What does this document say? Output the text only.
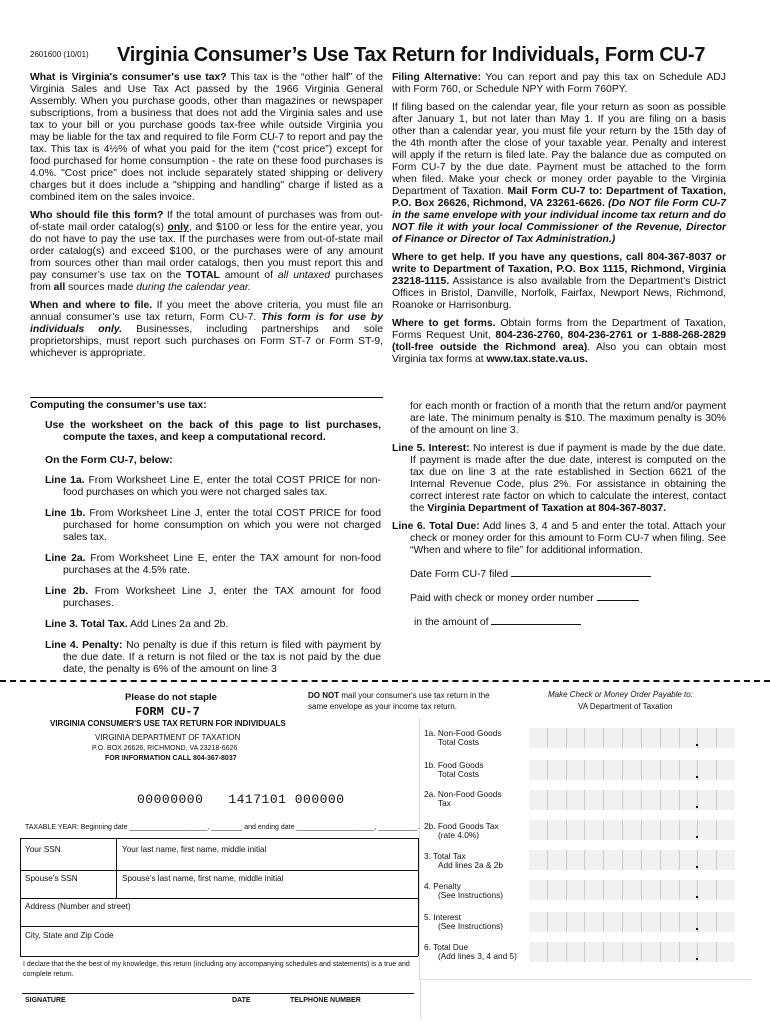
2601600 (10/01) Virginia Consumer’s Use Tax Return for Individuals, Form CU-7

What is Virginia's consumer's use tax? This tax is the “other half” of the Virginia Sales and Use Tax Act passed by the 1966 Virginia General Assembly. When you purchase goods, other than magazines or newspaper subscriptions, from a business that does not add the Virginia sales and use tax to your bill or you purchase goods tax-free while outside Virginia you may be liable for the tax and required to file Form CU-7 to report and pay the tax. This tax is 4½% of what you paid for the item (“cost price”) except for food purchased for home consumption - the rate on these food purchases is 4.0%. "Cost price" does not include separately stated shipping or delivery charges but it does include a "shipping and handling" charge if listed as a combined item on the sales invoice.

Who should file this form? If the total amount of purchases was from out-of-state mail order catalog(s) only, and $100 or less for the entire year, you do not have to pay the use tax. If the purchases were from out-of-state mail order catalog(s) and exceed $100, or the purchases were of any amount from sources other than mail order catalogs, then you must report this and pay consumer’s use tax on the TOTAL amount of all untaxed purchases from all sources made during the calendar year.

When and where to file. If you meet the above criteria, you must file an annual consumer’s use tax return, Form CU-7. This form is for use by individuals only. Businesses, including partnerships and sole proprietorships, must report such purchases on Form ST-7 or Form ST-9, whichever is appropriate.

Computing the consumer’s use tax:

Use the worksheet on the back of this page to list purchases, compute the taxes, and keep a computational record.

On the Form CU-7, below:

Line 1a. From Worksheet Line E, enter the total COST PRICE for non-food purchases on which you were not charged sales tax.

Line 1b. From Worksheet Line J, enter the total COST PRICE for food purchased for home consumption on which you were not charged sales tax.

Line 2a. From Worksheet Line E, enter the TAX amount for non-food purchases at the 4.5% rate.

Line 2b. From Worksheet Line J, enter the TAX amount for food purchases.

Line 3. Total Tax. Add Lines 2a and 2b.

Line 4. Penalty: No penalty is due if this return is filed with payment by the due date. If a return is not filed or the tax is not paid by the due date, the penalty is 6% of the amount on line 3

Filing Alternative: You can report and pay this tax on Schedule ADJ with Form 760, or Schedule NPY with Form 760PY.

If filing based on the calendar year, file your return as soon as possible after January 1, but not later than May 1. If you are filing on a basis other than a calendar year, you must file your return by the 15th day of the 4th month after the close of your taxable year. Penalty and interest will apply if the return is filed late. Pay the balance due as computed on Form CU-7 by the due date. Payment must be attached to the form when filed. Make your check or money order payable to the Virginia Department of Taxation. Mail Form CU-7 to: Department of Taxation, P.O. Box 26626, Richmond, VA 23261-6626. (Do NOT file Form CU-7 in the same envelope with your individual income tax return and do NOT file it with your local Commissioner of the Revenue, Director of Finance or Director of Tax Administration.)

Where to get help. If you have any questions, call 804-367-8037 or write to Department of Taxation, P.O. Box 1115, Richmond, Virginia 23218-1115. Assistance is also available from the Department's District Offices in Bristol, Danville, Norfolk, Fairfax, Newport News, Richmond, Roanoke or Harrisonburg.

Where to get forms. Obtain forms from the Department of Taxation, Forms Request Unit, 804-236-2760, 804-236-2761 or 1-888-268-2829 (toll-free outside the Richmond area). Also you can obtain most Virginia tax forms at www.tax.state.va.us.

for each month or fraction of a month that the return and/or payment are late. The minimum penalty is $10. The maximum penalty is 30% of the amount on line 3.

Line 5. Interest: No interest is due if payment is made by the due date. If payment is made after the due date, interest is computed on the tax due on line 3 at the rate established in Section 6621 of the Internal Revenue Code, plus 2%. For assistance in obtaining the correct interest rate factor on which to calculate the interest, contact the Virginia Department of Taxation at 804-367-8037.

Line 6. Total Due: Add lines 3, 4 and 5 and enter the total. Attach your check or money order for this amount to Form CU-7 when filing. See “When and where to file” for additional information.

Date Form CU-7 filed

Paid with check or money order number

in the amount of

Please do not staple
FORM CU-7
DO NOT mail your consumer's use tax return in the same envelope as your income tax return.
Make Check or Money Order Payable to:
VA Department of Taxation
VIRGINIA CONSUMER'S USE TAX RETURN FOR INDIVIDUALS
VIRGINIA DEPARTMENT OF TAXATION
P.O. BOX 26626, RICHMOND, VA 23218-6626
FOR INFORMATION CALL 804-367-8037
00000000   1417101 000000
TAXABLE YEAR: Beginning date ____________________, ________ and ending date ____________________, __________.
Your SSN	Your last name, first name, middle initial
Spouse’s SSN	Spouse’s last name, first name, middle initial
Address (Number and street)
City, State and Zip Code
I declare that the the best of my knowledge, this return (including any accompanying schedules and statements) is a true and complete return.
SIGNATURE	DATE	TELPHONE NUMBER
1a. Non-Food Goods
Total Costs
1b. Food Goods
Total Costs
2a. Non-Food Goods
Tax
2b. Food Goods Tax
(rate 4.0%)
3. Total Tax
Add lines 2a & 2b
4. Penalty
(See Instructions)
5. Interest
(See Instructions)
6. Total Due
(Add lines 3, 4 and 5)
